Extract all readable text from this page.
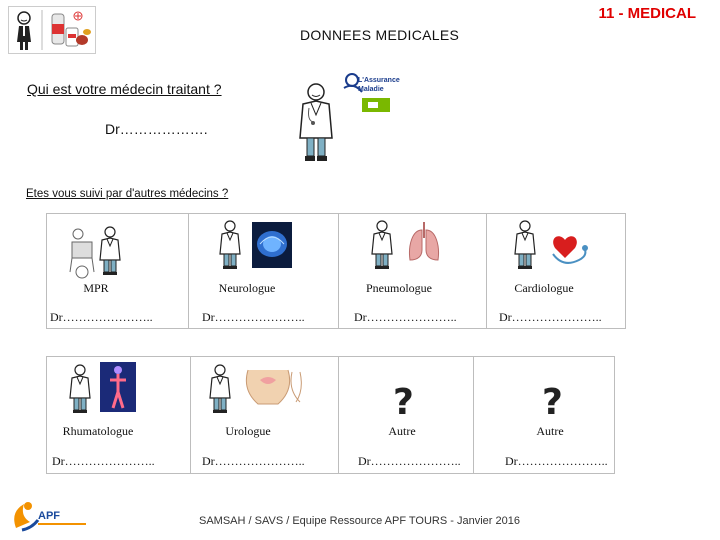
11 - MEDICAL
DONNEES MEDICALES
Qui est votre médecin traitant ?
Dr……………….
L'Assurance
Maladie
Etes vous suivi par d'autres médecins ?
MPR
Dr…………………..
Neurologue
Dr…………………..
Pneumologue
Dr…………………..
Cardiologue
Dr…………………..
Rhumatologue
Dr…………………..
Urologue
Dr…………………..
?
Autre
Dr…………………..
?
Autre
Dr…………………..
APF	SAMSAH / SAVS / Equipe Ressource APF TOURS - Janvier 2016
